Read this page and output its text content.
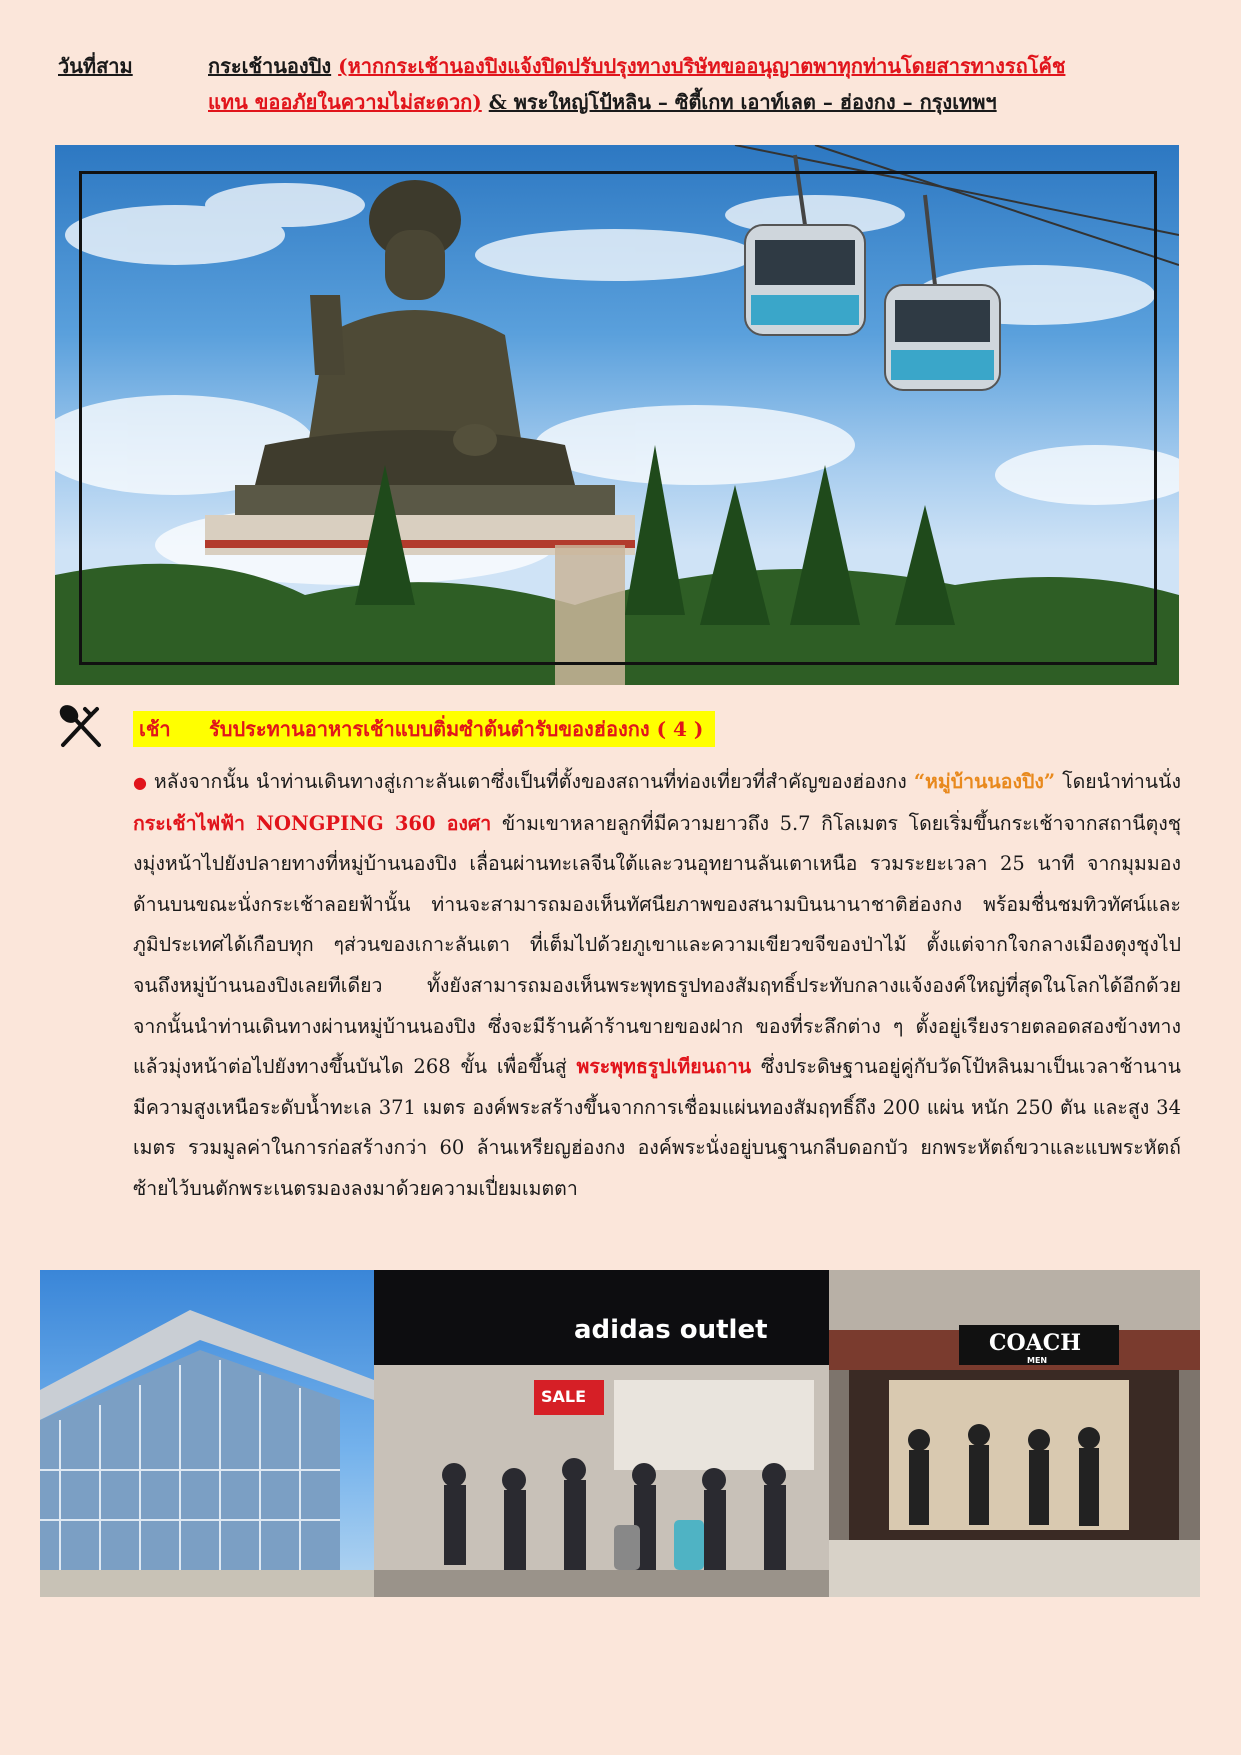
วันที่สาม	กระเช้านองปิง
(หากกระเช้านองปิงแจ้งปิดปรับปรุงทางบริษัทขออนุญาตพาทุกท่านโดยสารทางรถโค้ช
แทน ขออภัยในความไม่สะดวก)
& พระใหญ่โป้หลิน – ซิตี้เกท เอาท์เลต – ฮ่องกง – กรุงเทพฯ
เช้า	รับประทานอาหารเช้าแบบติ่มซำต้นตำรับของฮ่องกง ( 4 )
● หลังจากนั้น นำท่านเดินทางสู่เกาะลันเตาซึ่งเป็นที่ตั้งของสถานที่ท่องเที่ยวที่สำคัญของฮ่องกง “หมู่บ้านนองปิง” โดยนำท่านนั่ง กระเช้าไฟฟ้า NONGPING 360 องศา ข้ามเขาหลายลูกที่มีความยาวถึง 5.7 กิโลเมตร โดยเริ่มขึ้นกระเช้าจากสถานีตุงชุงมุ่งหน้าไปยังปลายทางที่หมู่บ้านนองปิง เลื่อนผ่านทะเลจีนใต้และวนอุทยานลันเตาเหนือ รวมระยะเวลา 25 นาที จากมุมมองด้านบนขณะนั่งกระเช้าลอยฟ้านั้น ท่านจะสามารถมองเห็นทัศนียภาพของสนามบินนานาชาติฮ่องกง พร้อมชื่นชมทิวทัศน์และภูมิประเทศได้เกือบทุก ๆส่วนของเกาะลันเตา ที่เต็มไปด้วยภูเขาและความเขียวขจีของป่าไม้ ตั้งแต่จากใจกลางเมืองตุงชุงไปจนถึงหมู่บ้านนองปิงเลยทีเดียว ทั้งยังสามารถมองเห็นพระพุทธรูปทองสัมฤทธิ์ประทับกลางแจ้งองค์ใหญ่ที่สุดในโลกได้อีกด้วย จากนั้นนำท่านเดินทางผ่านหมู่บ้านนองปิง ซึ่งจะมีร้านค้าร้านขายของฝาก ของที่ระลึกต่าง ๆ ตั้งอยู่เรียงรายตลอดสองข้างทาง แล้วมุ่งหน้าต่อไปยังทางขึ้นบันได 268 ขั้น เพื่อขึ้นสู่ พระพุทธรูปเทียนถาน ซึ่งประดิษฐานอยู่คู่กับวัดโป้หลินมาเป็นเวลาช้านาน มีความสูงเหนือระดับน้ำทะเล 371 เมตร องค์พระสร้างขึ้นจากการเชื่อมแผ่นทองสัมฤทธิ์ถึง 200 แผ่น หนัก 250 ตัน และสูง 34 เมตร รวมมูลค่าในการก่อสร้างกว่า 60 ล้านเหรียญฮ่องกง องค์พระนั่งอยู่บนฐานกลีบดอกบัว ยกพระหัตถ์ขวาและแบพระหัตถ์ซ้ายไว้บนตักพระเนตรมองลงมาด้วยความเปี่ยมเมตตา
adidas outlet
SALE
COACH
MEN
